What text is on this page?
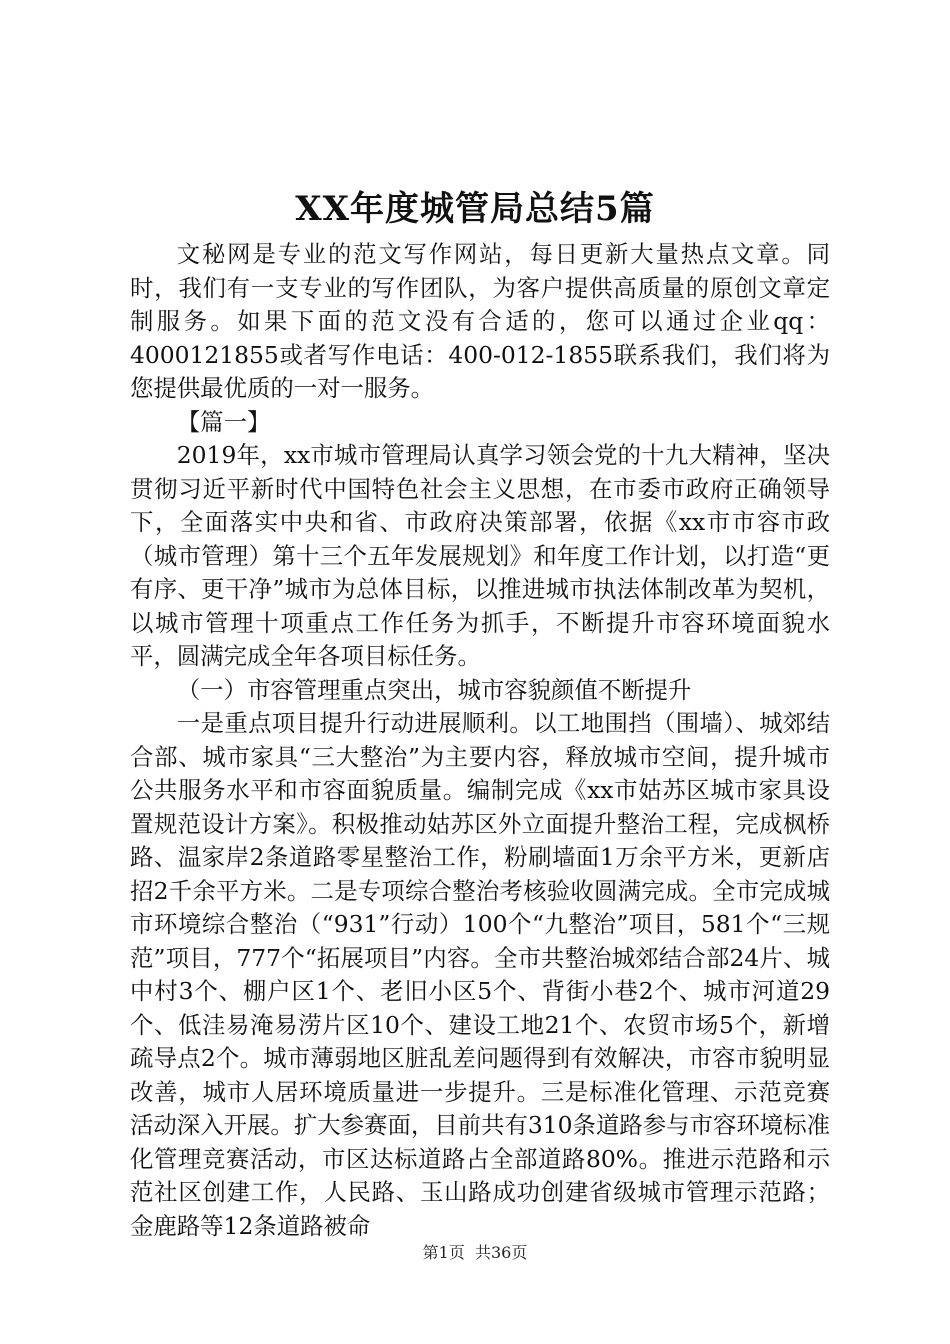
XX年度城管局总结5篇

文秘网是专业的范文写作网站，每日更新大量热点文章。同时，我们有一支专业的写作团队，为客户提供高质量的原创文章定制服务。如果下面的范文没有合适的，您可以通过企业qq：4000121855或者写作电话：400-012-1855联系我们，我们将为您提供最优质的一对一服务。

【篇一】

2019年，xx市城市管理局认真学习领会党的十九大精神，坚决贯彻习近平新时代中国特色社会主义思想，在市委市政府正确领导下，全面落实中央和省、市政府决策部署，依据《xx市市容市政（城市管理）第十三个五年发展规划》和年度工作计划，以打造“更有序、更干净”城市为总体目标，以推进城市执法体制改革为契机，以城市管理十项重点工作任务为抓手，不断提升市容环境面貌水平，圆满完成全年各项目标任务。

（一）市容管理重点突出，城市容貌颜值不断提升

一是重点项目提升行动进展顺利。以工地围挡（围墙）、城郊结合部、城市家具“三大整治”为主要内容，释放城市空间，提升城市公共服务水平和市容面貌质量。编制完成《xx市姑苏区城市家具设置规范设计方案》。积极推动姑苏区外立面提升整治工程，完成枫桥路、温家岸2条道路零星整治工作，粉刷墙面1万余平方米，更新店招2千余平方米。二是专项综合整治考核验收圆满完成。全市完成城市环境综合整治（“931”行动）100个“九整治”项目，581个“三规范”项目，777个“拓展项目”内容。全市共整治城郊结合部24片、城中村3个、棚户区1个、老旧小区5个、背街小巷2个、城市河道29个、低洼易淹易涝片区10个、建设工地21个、农贸市场5个，新增疏导点2个。城市薄弱地区脏乱差问题得到有效解决，市容市貌明显改善，城市人居环境质量进一步提升。三是标准化管理、示范竞赛活动深入开展。扩大参赛面，目前共有310条道路参与市容环境标准化管理竞赛活动，市区达标道路占全部道路80%。推进示范路和示范社区创建工作，人民路、玉山路成功创建省级城市管理示范路；金鹿路等12条道路被命

第1页  共36页
